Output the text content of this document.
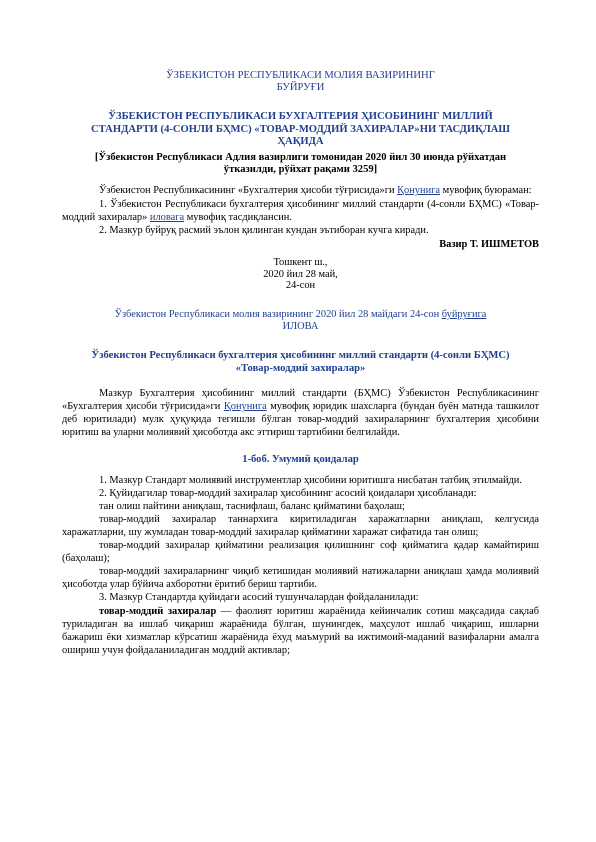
ЎЗБЕКИСТОН РЕСПУБЛИКАСИ МОЛИЯ ВАЗИРИНИНГ
БУЙРУҒИ
ЎЗБЕКИСТОН РЕСПУБЛИКАСИ БУХГАЛТЕРИЯ ҲИСОБИНИНГ МИЛЛИЙ
СТАНДАРТИ (4-СОНЛИ БҲМС) «ТОВАР-МОДДИЙ ЗАХИРАЛАР»НИ ТАСДИҚЛАШ
ҲАҚИДА
[Ўзбекистон Республикаси Адлия вазирлиги томонидан 2020 йил 30 июнда рўйхатдан
ўтказилди, рўйхат рақами 3259]

Ўзбекистон Республикасининг «Бухгалтерия ҳисоби тўғрисида»ги Қонунига мувофиқ буюраман:

1. Ўзбекистон Республикаси бухгалтерия ҳисобининг миллий стандарти (4-сонли БҲМС) «Товар-моддий захиралар» иловага мувофиқ тасдиқлансин.

2. Мазкур буйруқ расмий эълон қилинган кундан эътиборан кучга киради.

Вазир Т. ИШМЕТОВ
Тошкент ш.,
2020 йил 28 май,
24-сон
Ўзбекистон Республикаси молия вазирининг 2020 йил 28 майдаги 24-сон буйруғига
ИЛОВА
Ўзбекистон Республикаси бухгалтерия ҳисобининг миллий стандарти (4-сонли БҲМС)
«Товар-моддий захиралар»

Мазкур Бухгалтерия ҳисобининг миллий стандарти (БҲМС) Ўзбекистон Республикасининг «Бухгалтерия ҳисоби тўғрисида»ги Қонунига мувофиқ юридик шахсларга (бундан буён матнда ташкилот деб юритилади) мулк ҳуқуқида тегишли бўлган товар-моддий захираларнинг бухгалтерия ҳисобини юритиш ва уларни молиявий ҳисоботда акс эттириш тартибини белгилайди.

1-боб. Умумий қоидалар

1. Мазкур Стандарт молиявий инструментлар ҳисобини юритишга нисбатан татбиқ этилмайди.

2. Қуйидагилар товар-моддий захиралар ҳисобининг асосий қоидалари ҳисобланади:

тан олиш пайтини аниқлаш, таснифлаш, баланс қийматини баҳолаш;

товар-моддий захиралар таннархига киритиладиган харажатларни аниқлаш, келгусида харажатларни, шу жумладан товар-моддий захиралар қийматини харажат сифатида тан олиш;

товар-моддий захиралар қийматини реализация қилишнинг соф қийматига қадар камайтириш (баҳолаш);

товар-моддий захираларнинг чиқиб кетишидан молиявий натижаларни аниқлаш ҳамда молиявий ҳисоботда улар бўйича ахборотни ёритиб бериш тартиби.

3. Мазкур Стандартда қуйидаги асосий тушунчалардан фойдаланилади:

товар-моддий захиралар — фаолият юритиш жараёнида кейинчалик сотиш мақсадида сақлаб туриладиган ва ишлаб чиқариш жараёнида бўлган, шунингдек, маҳсулот ишлаб чиқариш, ишларни бажариш ёки хизматлар кўрсатиш жараёнида ёхуд маъмурий ва ижтимоий-маданий вазифаларни амалга ошириш учун фойдаланиладиган моддий активлар;
